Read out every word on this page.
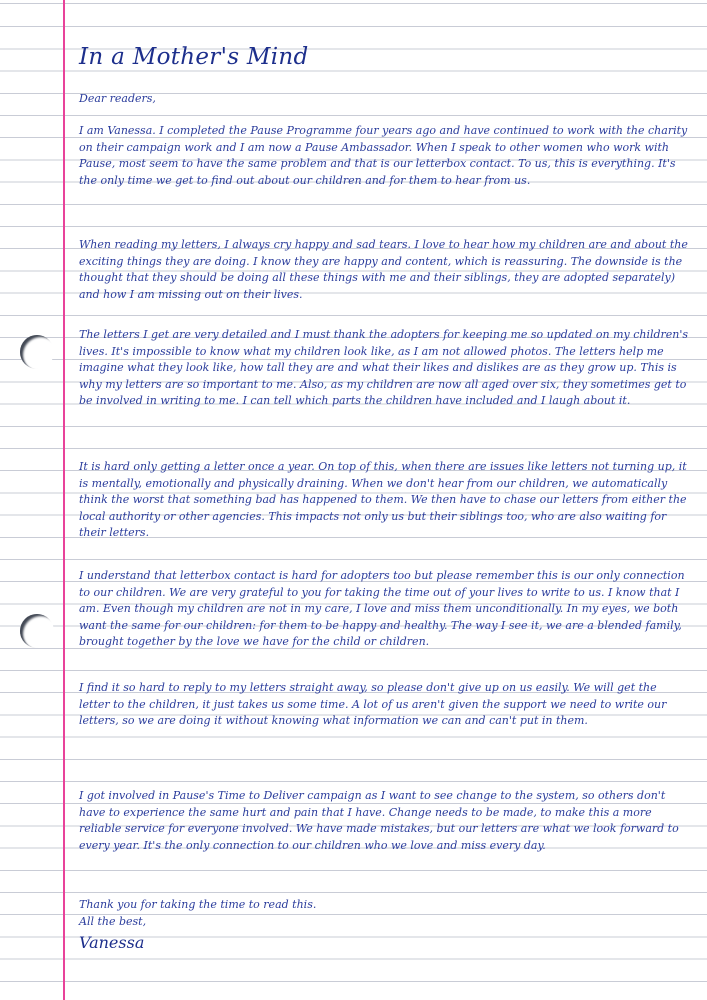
In a Mother's Mind

Dear readers,

I am Vanessa. I completed the Pause Programme four years ago and have continued to work with the charity on their campaign work and I am now a Pause Ambassador. When I speak to other women who work with Pause, most seem to have the same problem and that is our letterbox contact. To us, this is everything. It's the only time we get to find out about our children and for them to hear from us.

When reading my letters, I always cry happy and sad tears. I love to hear how my children are and about the exciting things they are doing. I know they are happy and content, which is reassuring. The downside is the thought that they should be doing all these things with me and their siblings, they are adopted separately) and how I am missing out on their lives.

The letters I get are very detailed and I must thank the adopters for keeping me so updated on my children's lives. It's impossible to know what my children look like, as I am not allowed photos. The letters help me imagine what they look like, how tall they are and what their likes and dislikes are as they grow up. This is why my letters are so important to me. Also, as my children are now all aged over six, they sometimes get to be involved in writing to me. I can tell which parts the children have included and I laugh about it.

It is hard only getting a letter once a year. On top of this, when there are issues like letters not turning up, it is mentally, emotionally and physically draining. When we don't hear from our children, we automatically think the worst that something bad has happened to them. We then have to chase our letters from either the local authority or other agencies. This impacts not only us but their siblings too, who are also waiting for their letters.

I understand that letterbox contact is hard for adopters too but please remember this is our only connection to our children. We are very grateful to you for taking the time out of your lives to write to us. I know that I am. Even though my children are not in my care, I love and miss them unconditionally. In my eyes, we both want the same for our children: for them to be happy and healthy. The way I see it, we are a blended family, brought together by the love we have for the child or children.

I find it so hard to reply to my letters straight away, so please don't give up on us easily. We will get the letter to the children, it just takes us some time. A lot of us aren't given the support we need to write our letters, so we are doing it without knowing what information we can and can't put in them.

I got involved in Pause's Time to Deliver campaign as I want to see change to the system, so others don't have to experience the same hurt and pain that I have. Change needs to be made, to make this a more reliable service for everyone involved. We have made mistakes, but our letters are what we look forward to every year. It's the only connection to our children who we love and miss every day.

Thank you for taking the time to read this.

All the best,

Vanessa
